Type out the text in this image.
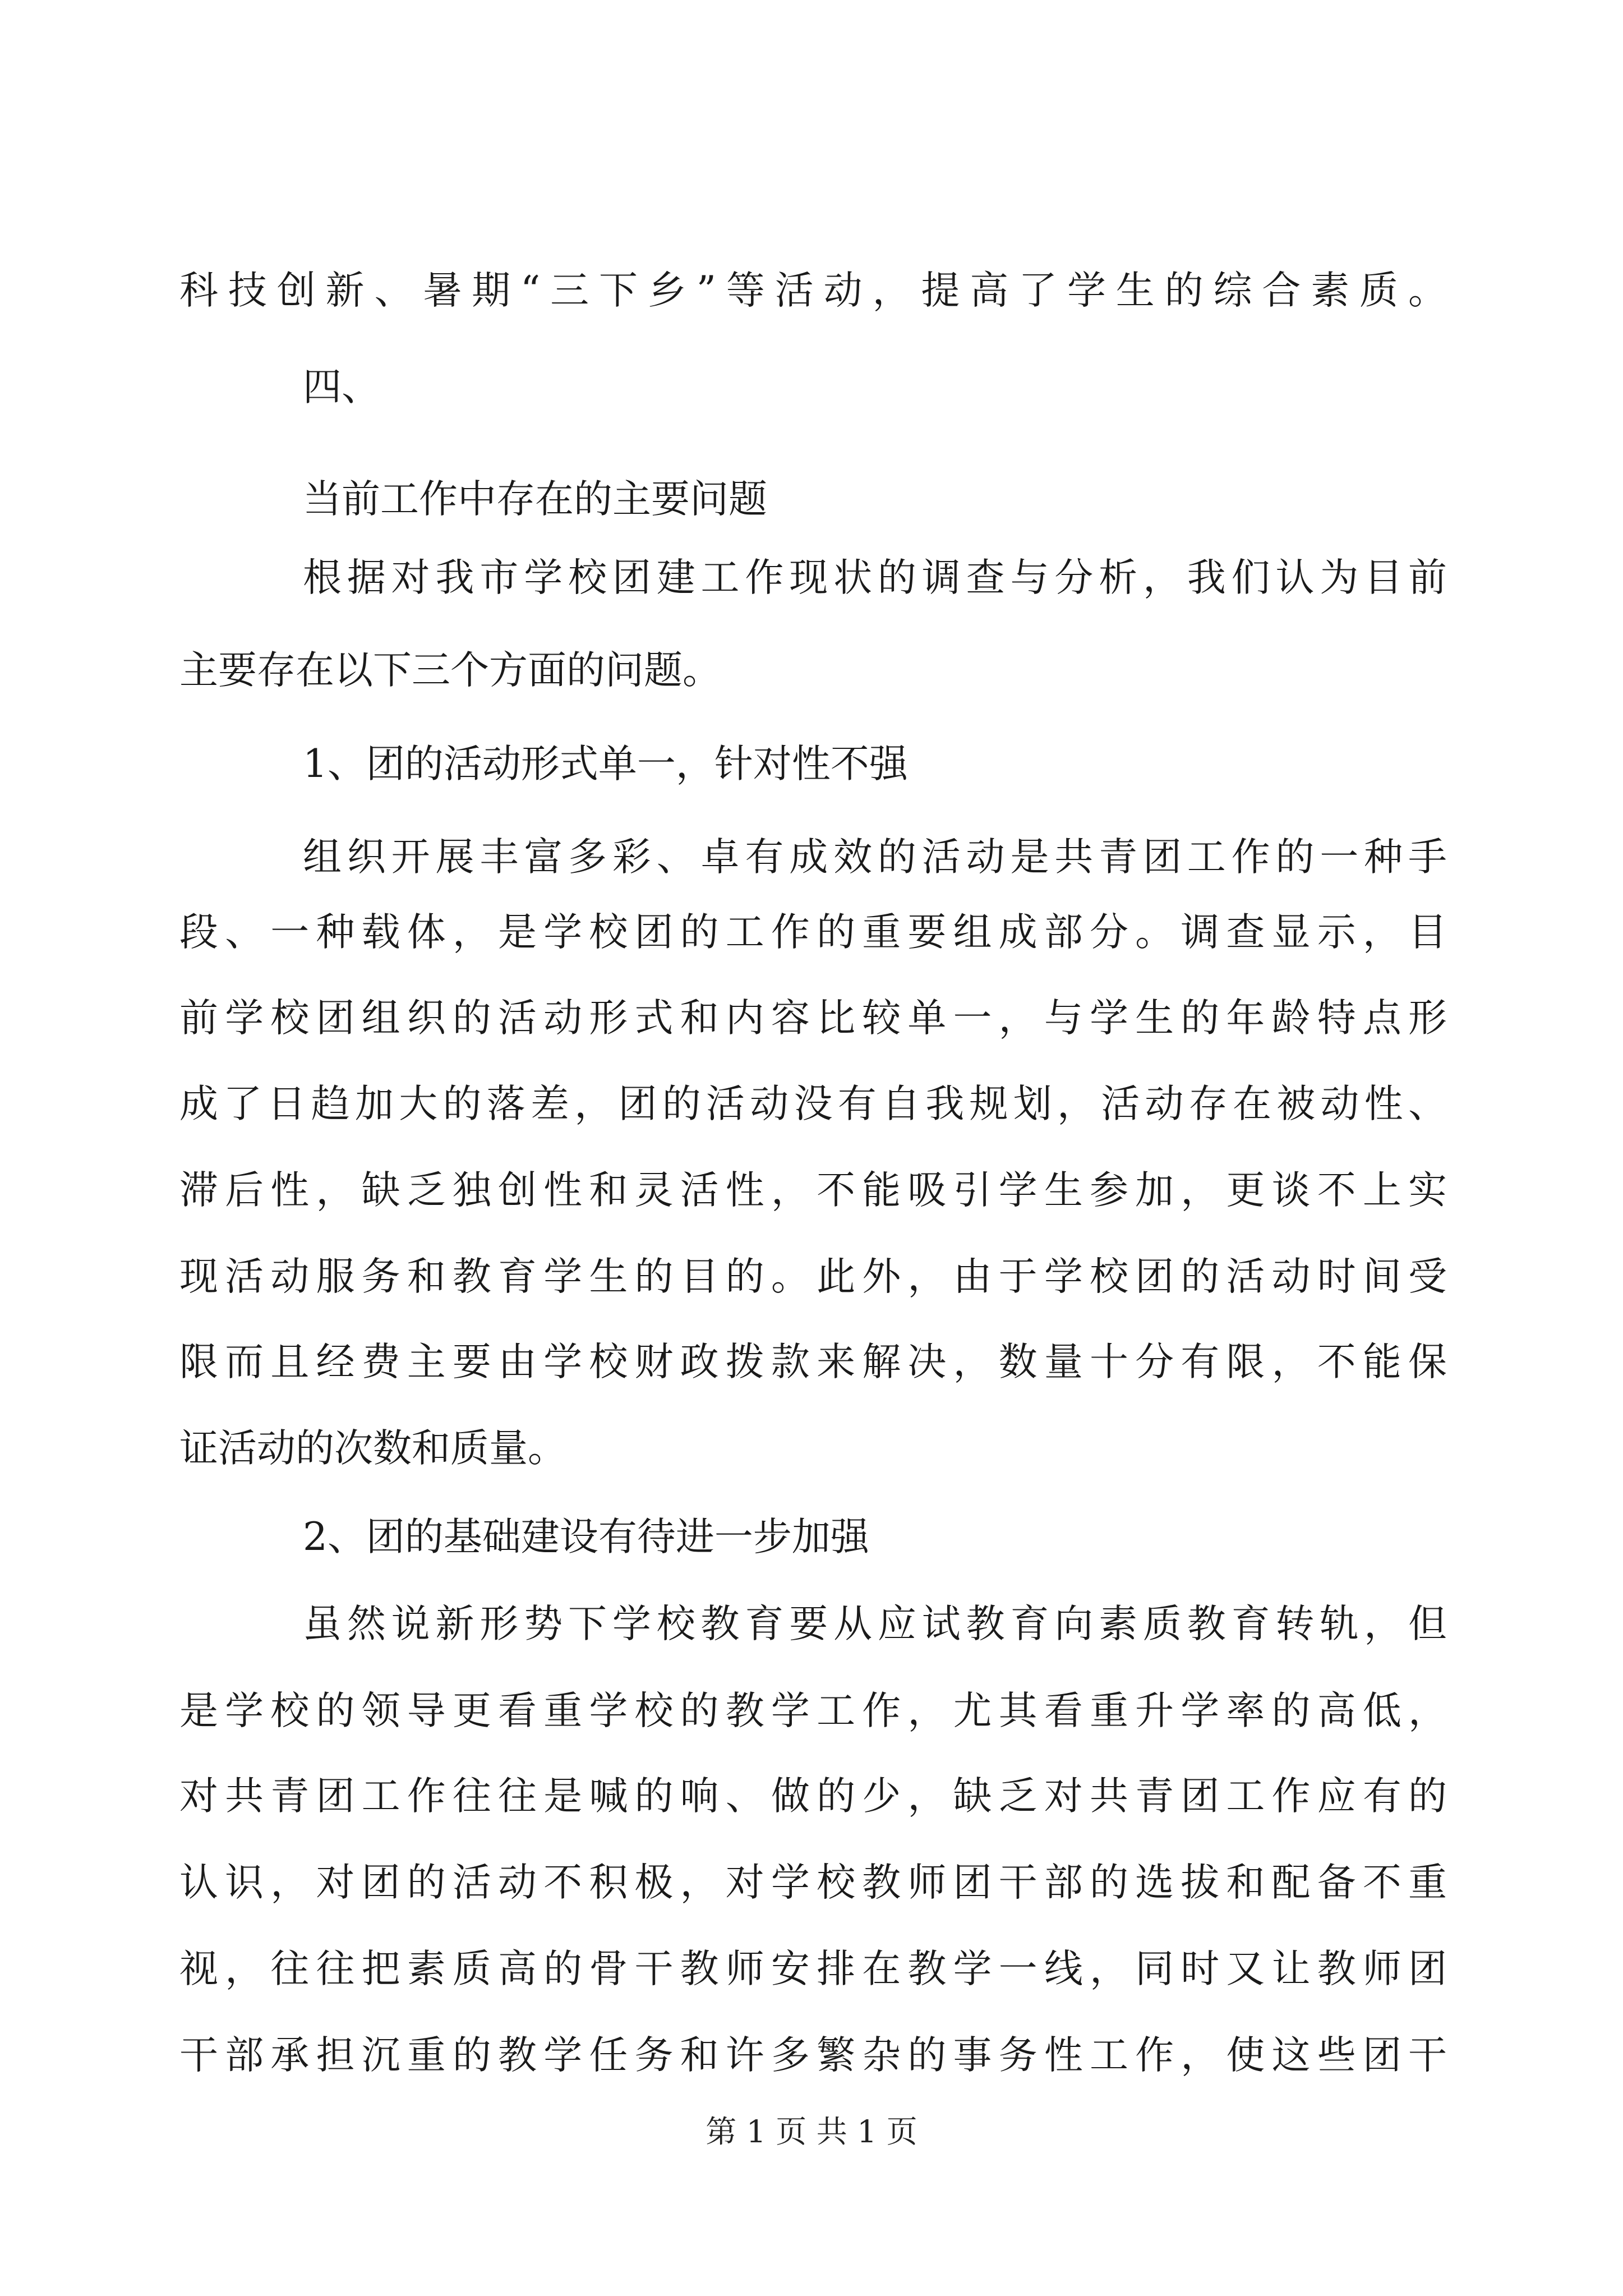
科技创新、暑期“三下乡”等活动，提高了学生的综合素质。
四、
当前工作中存在的主要问题
根据对我市学校团建工作现状的调查与分析，我们认为目前
主要存在以下三个方面的问题。
1、团的活动形式单一，针对性不强
组织开展丰富多彩、卓有成效的活动是共青团工作的一种手
段、一种载体，是学校团的工作的重要组成部分。调查显示，目
前学校团组织的活动形式和内容比较单一，与学生的年龄特点形
成了日趋加大的落差，团的活动没有自我规划，活动存在被动性、
滞后性，缺乏独创性和灵活性，不能吸引学生参加，更谈不上实
现活动服务和教育学生的目的。此外，由于学校团的活动时间受
限而且经费主要由学校财政拨款来解决，数量十分有限，不能保
证活动的次数和质量。
2、团的基础建设有待进一步加强
虽然说新形势下学校教育要从应试教育向素质教育转轨，但
是学校的领导更看重学校的教学工作，尤其看重升学率的高低，
对共青团工作往往是喊的响、做的少，缺乏对共青团工作应有的
认识，对团的活动不积极，对学校教师团干部的选拔和配备不重
视，往往把素质高的骨干教师安排在教学一线，同时又让教师团
干部承担沉重的教学任务和许多繁杂的事务性工作，使这些团干
第 1 页 共 1 页
